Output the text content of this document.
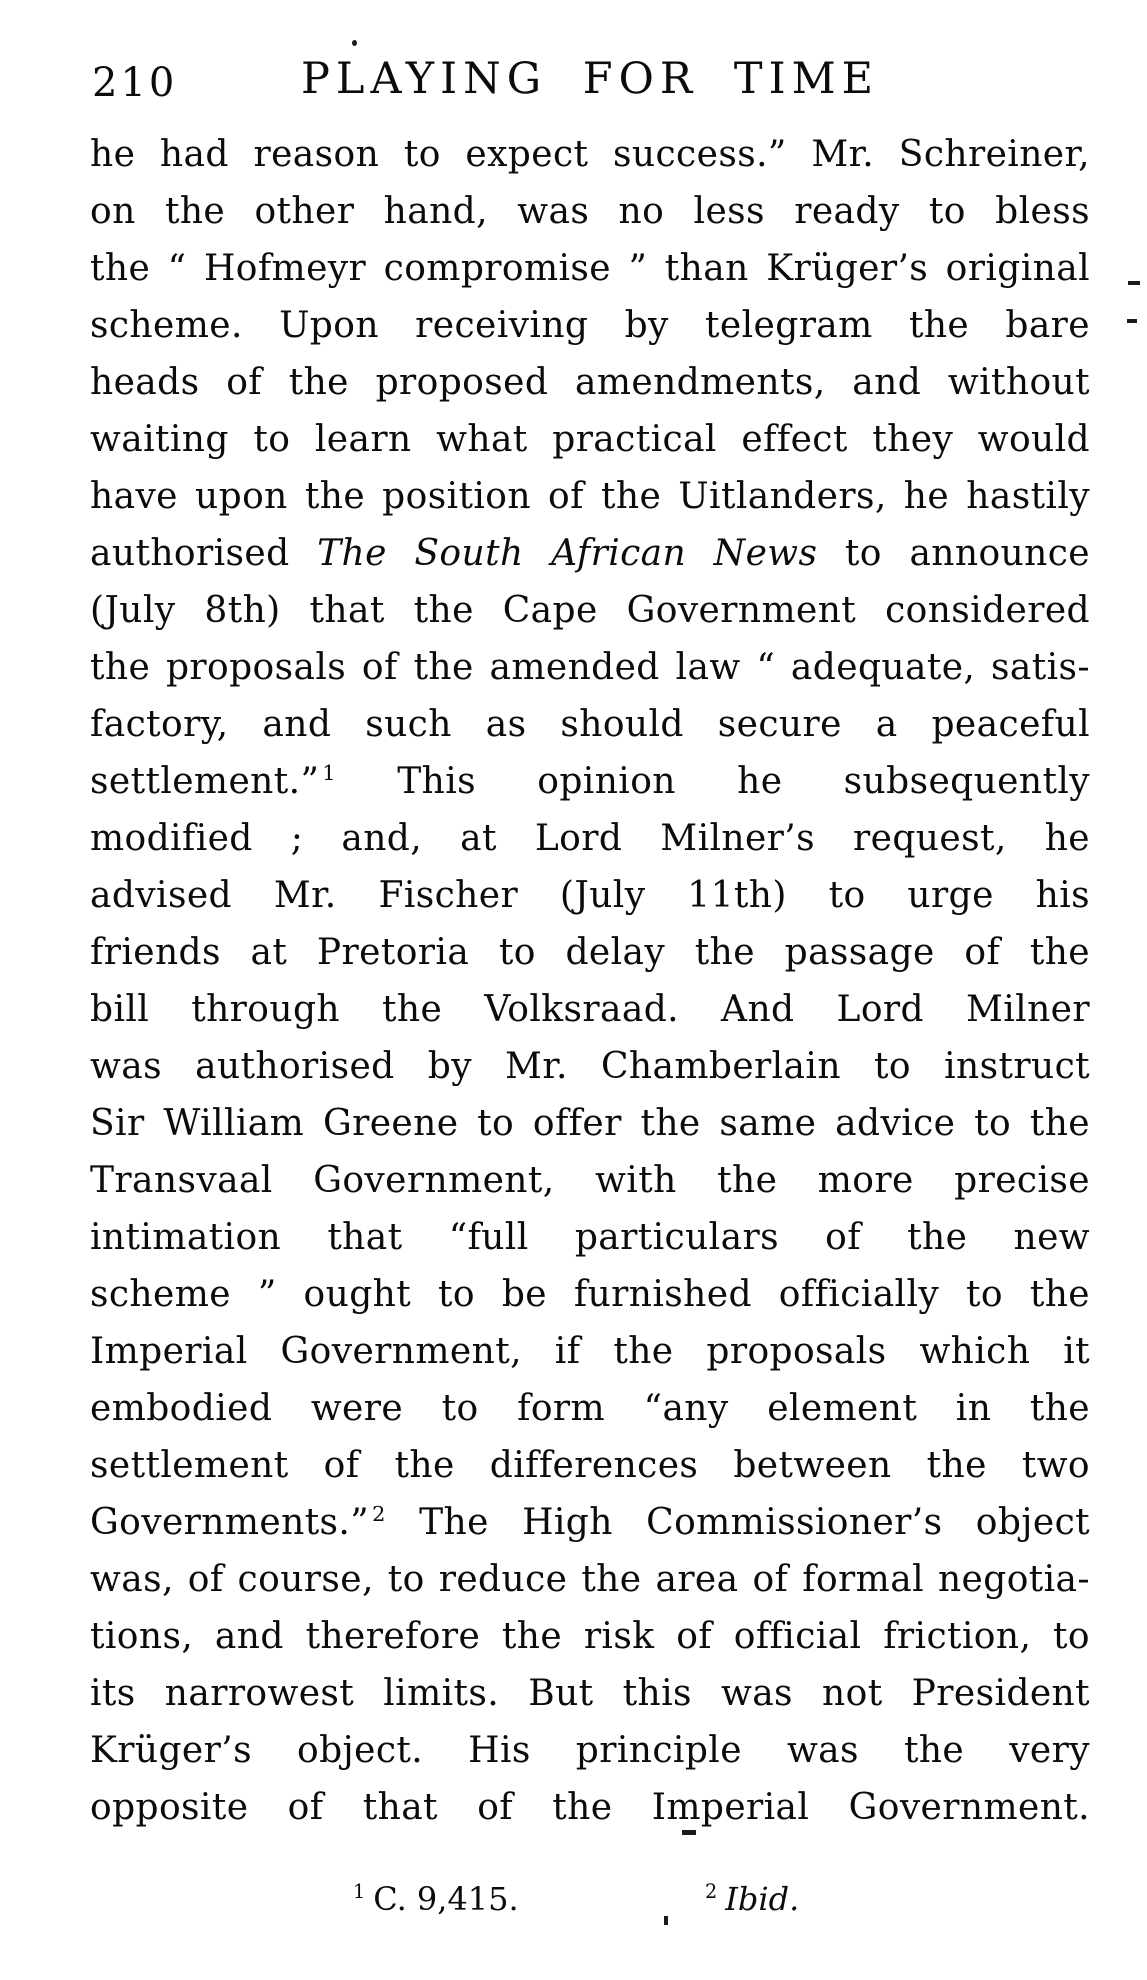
210	PLAYING FOR TIME
he had reason to expect success.” Mr. Schreiner,
on the other hand, was no less ready to bless
the “ Hofmeyr compromise ” than Krüger’s original
scheme. Upon receiving by telegram the bare
heads of the proposed amendments, and without
waiting to learn what practical effect they would
have upon the position of the Uitlanders, he hastily
authorised The South African News to announce
(July 8th) that the Cape Government considered
the proposals of the amended law “ adequate, satis-
factory, and such as should secure a peaceful
settlement.” $^1$ This opinion he subsequently
modified ; and, at Lord Milner’s request, he
advised Mr. Fischer (July 11th) to urge his
friends at Pretoria to delay the passage of the
bill through the Volksraad. And Lord Milner
was authorised by Mr. Chamberlain to instruct
Sir William Greene to offer the same advice to the
Transvaal Government, with the more precise
intimation that “full particulars of the new
scheme ” ought to be furnished officially to the
Imperial Government, if the proposals which it
embodied were to form “any element in the
settlement of the differences between the two
Governments.” $^2$ The High Commissioner’s object
was, of course, to reduce the area of formal negotia-
tions, and therefore the risk of official friction, to
its narrowest limits. But this was not President
Krüger’s object. His principle was the very
opposite of that of the Imperial Government.
$^1$ C. 9,415.	$^2$ Ibid.
